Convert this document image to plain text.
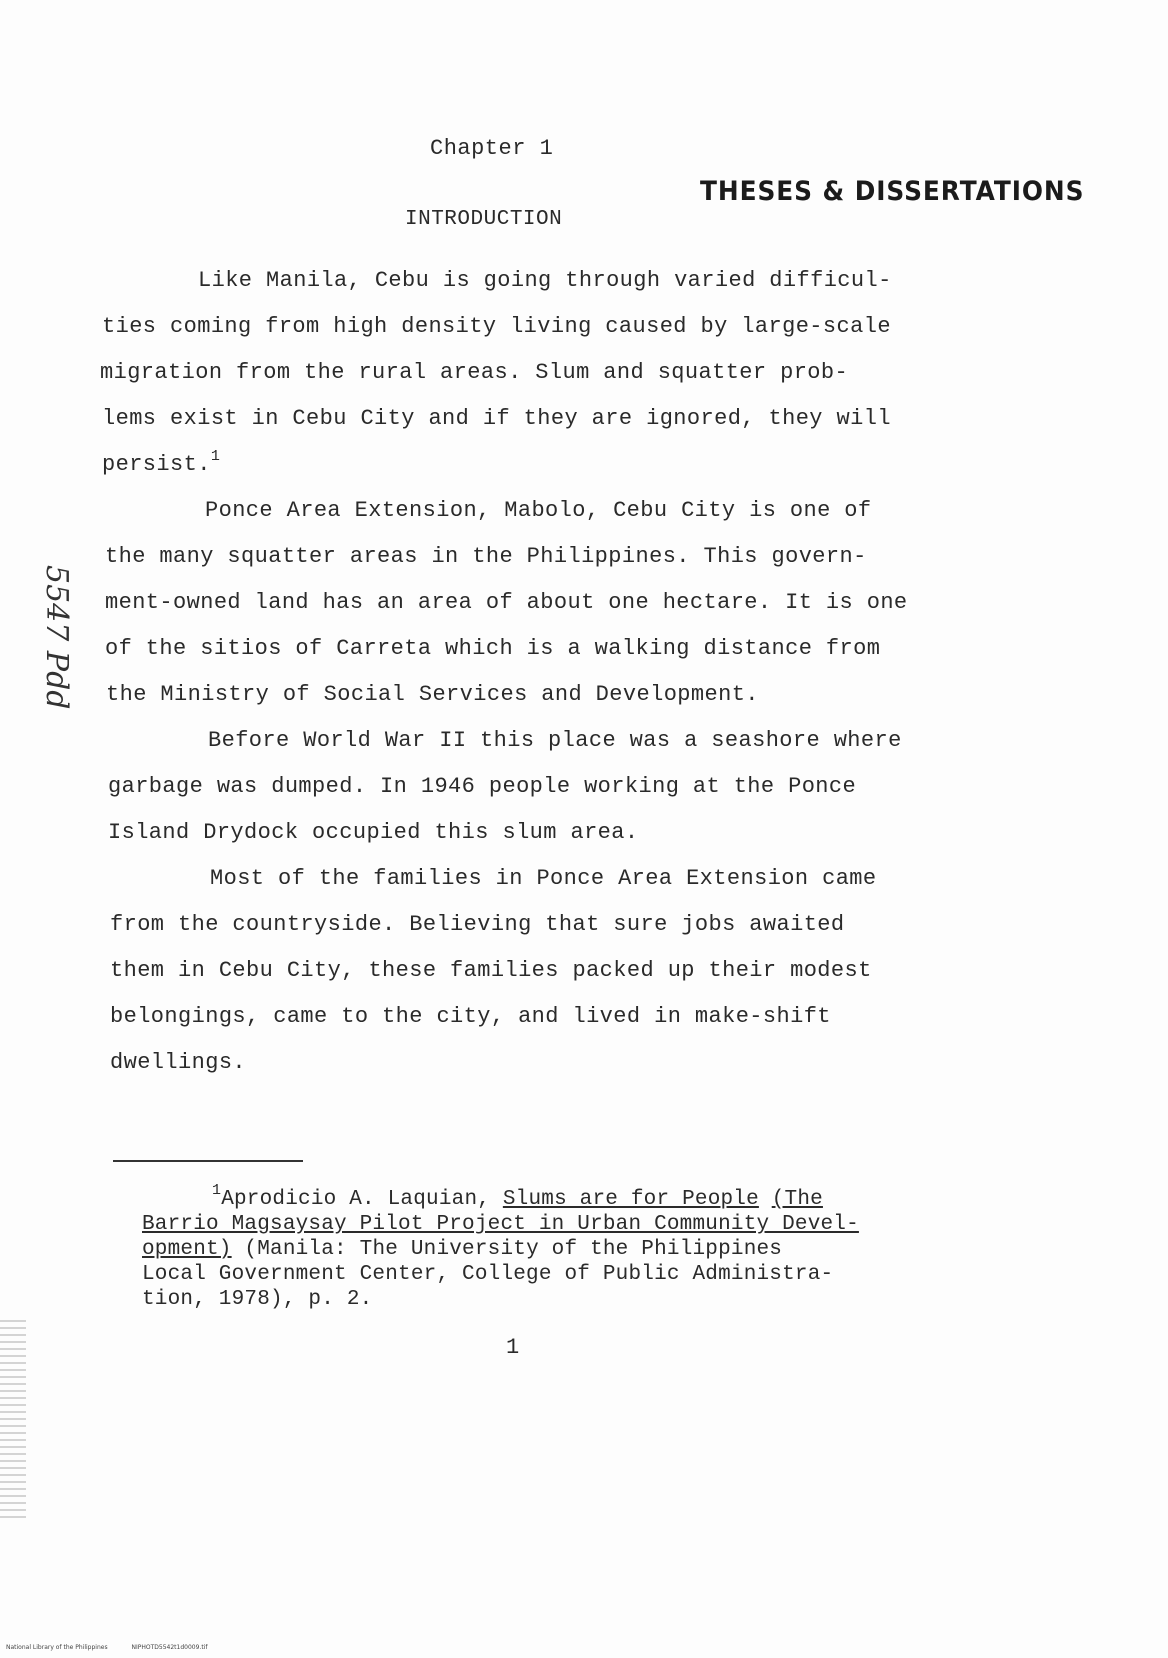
Chapter 1
INTRODUCTION
THESES & DISSERTATIONS
5547 Pdd
Like Manila, Cebu is going through varied difficul-
ties coming from high density living caused by large-scale
migration from the rural areas. Slum and squatter prob-
lems exist in Cebu City and if they are ignored, they will
persist.$^1$
Ponce Area Extension, Mabolo, Cebu City is one of
the many squatter areas in the Philippines. This govern-
ment-owned land has an area of about one hectare. It is one
of the sitios of Carreta which is a walking distance from
the Ministry of Social Services and Development.
Before World War II this place was a seashore where
garbage was dumped. In 1946 people working at the Ponce
Island Drydock occupied this slum area.
Most of the families in Ponce Area Extension came
from the countryside. Believing that sure jobs awaited
them in Cebu City, these families packed up their modest
belongings, came to the city, and lived in make-shift
dwellings.
$^1$Aprodicio A. Laquian, Slums are for People (The
Barrio Magsaysay Pilot Project in Urban Community Devel-
opment) (Manila: The University of the Philippines
Local Government Center, College of Public Administra-
tion, 1978), p. 2.
1
National Library of the Philippines	NIPHOTD5542t1d0009.tif
